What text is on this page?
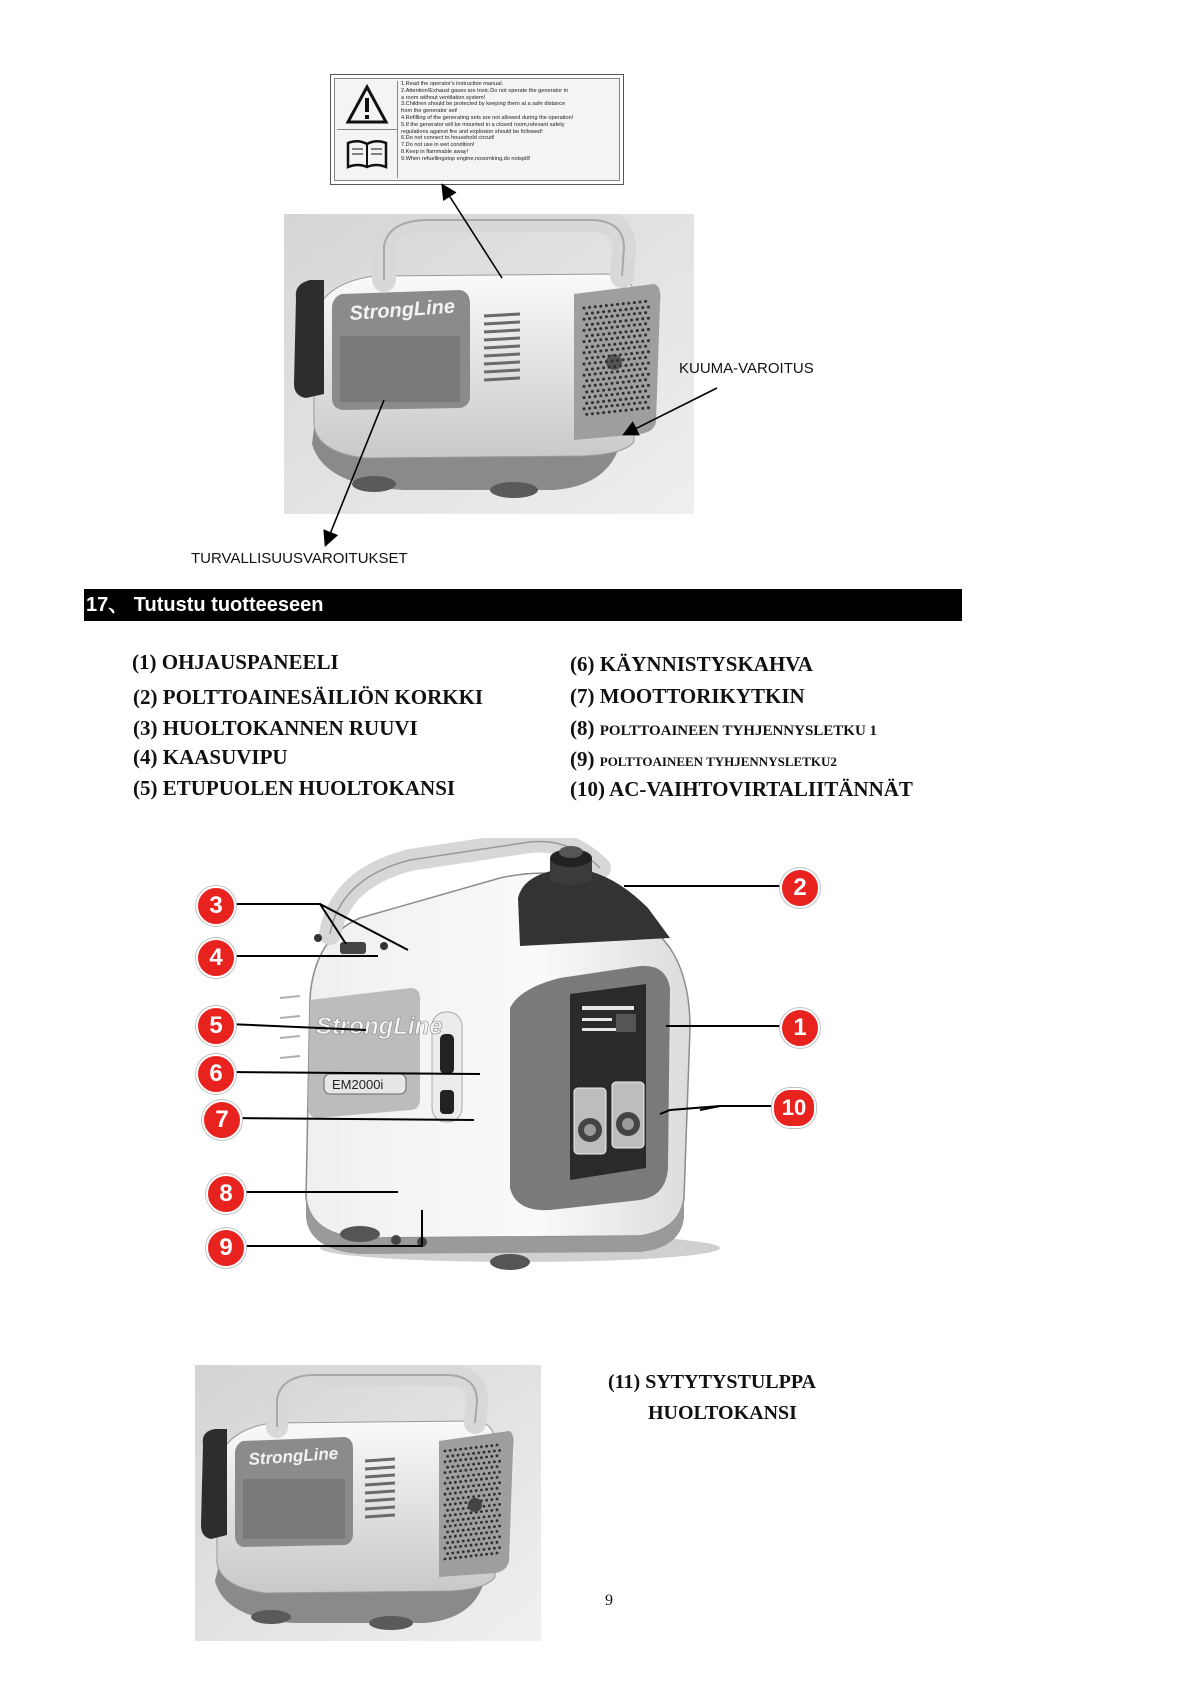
1.Read the operator's instruction manual.
2.Attention!Exhaust gases are toxic.Do not operate the generator in
a room without ventilation system!
3.Children should be protected by keeping them at a safe distance
from the generator set!
4.Refilling of the generating sets are not allowed during the operation!
5.If the generator will be mounted in a closed room,relevant safety
regulations against fire and explosion should be followed!
6.Do not connect to household circuit!
7.Do not use in wet condition!
8.Keep in flammable away!
9.When refuellingstop engine,nosomking,do notspill!
StrongLine
KUUMA-VAROITUS
TURVALLISUUSVAROITUKSET
17、 Tutustu tuotteeseen
(1) OHJAUSPANEELI
(2) POLTTOAINESÄILIÖN KORKKI
(3) HUOLTOKANNEN RUUVI
(4) KAASUVIPU
(5) ETUPUOLEN HUOLTOKANSI
(6) KÄYNNISTYSKAHVA
(7) MOOTTORIKYTKIN
(8) POLTTOAINEEN TYHJENNYSLETKU 1
(9) POLTTOAINEEN TYHJENNYSLETKU2
(10) AC-VAIHTOVIRTALIITÄNNÄT
StrongLine
EM2000i
3
4
5
6
7
8
9
2
1
10
StrongLine
(11) SYTYTYSTULPPA
HUOLTOKANSI
9
